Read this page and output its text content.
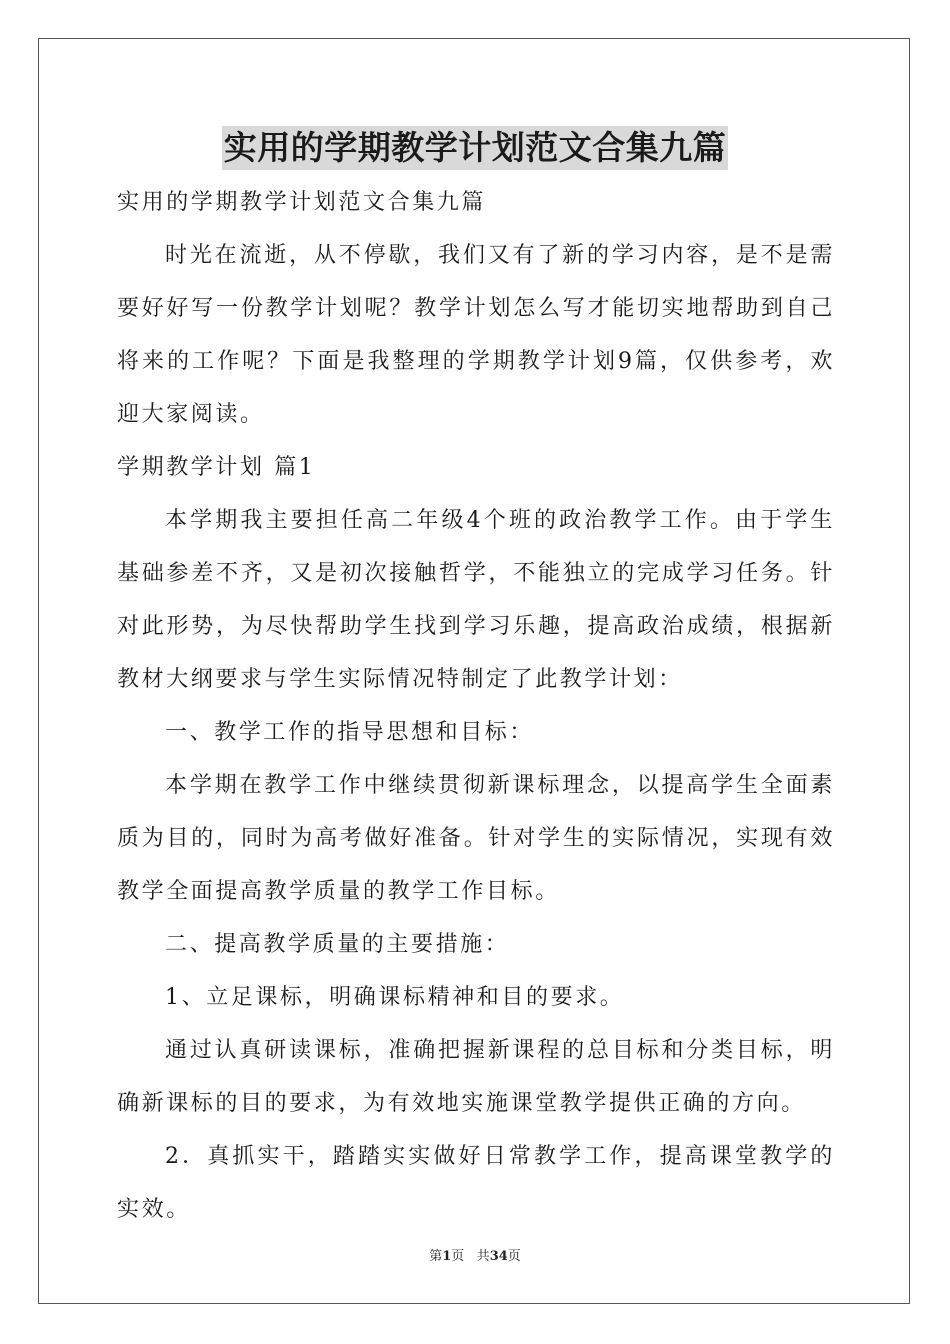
实用的学期教学计划范文合集九篇

实用的学期教学计划范文合集九篇

时光在流逝，从不停歇，我们又有了新的学习内容，是不是需要好好写一份教学计划呢？教学计划怎么写才能切实地帮助到自己将来的工作呢？下面是我整理的学期教学计划9篇，仅供参考，欢迎大家阅读。

学期教学计划 篇1

本学期我主要担任高二年级4个班的政治教学工作。由于学生基础参差不齐，又是初次接触哲学，不能独立的完成学习任务。针对此形势，为尽快帮助学生找到学习乐趣，提高政治成绩，根据新教材大纲要求与学生实际情况特制定了此教学计划：

一、教学工作的指导思想和目标：

本学期在教学工作中继续贯彻新课标理念，以提高学生全面素质为目的，同时为高考做好准备。针对学生的实际情况，实现有效教学全面提高教学质量的教学工作目标。

二、提高教学质量的主要措施：

1、立足课标，明确课标精神和目的要求。

通过认真研读课标，准确把握新课程的总目标和分类目标，明确新课标的目的要求，为有效地实施课堂教学提供正确的方向。

2．真抓实干，踏踏实实做好日常教学工作，提高课堂教学的实效。

第1页 共34页
